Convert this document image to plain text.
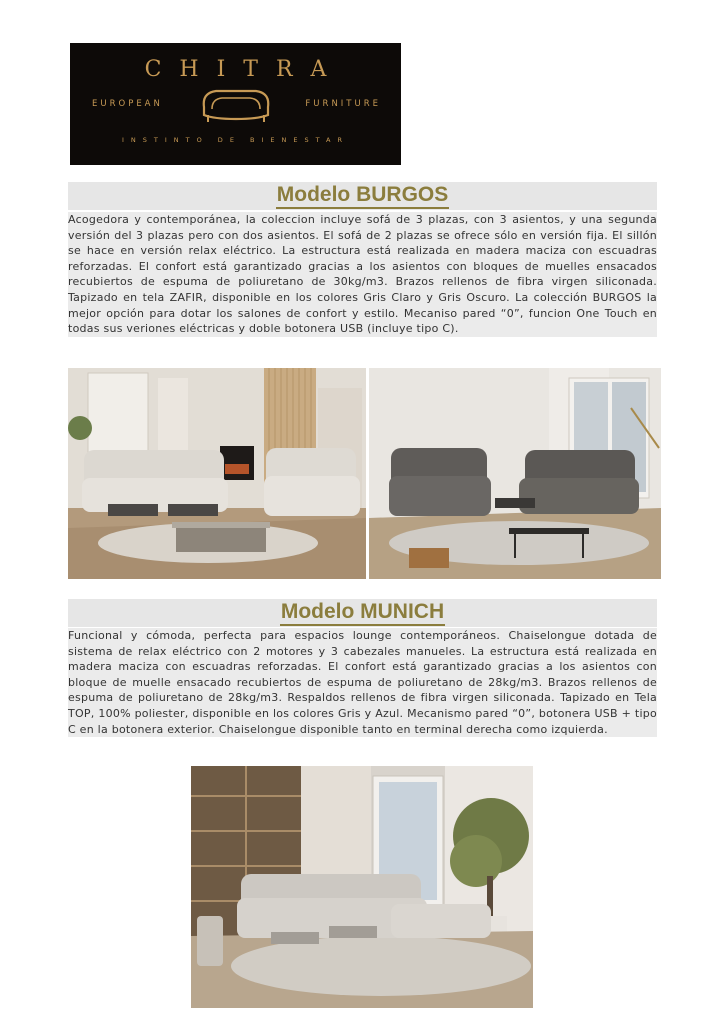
CHITRA
EUROPEAN	FURNITURE
INSTINTO DE BIENESTAR
Modelo BURGOS
Acogedora y contemporánea, la coleccion incluye sofá de 3 plazas, con 3 asientos, y una segunda versión del 3 plazas pero con dos asientos. El sofá de 2 plazas se ofrece sólo en versión fija. El sillón se hace en versión relax eléctrico. La estructura está realizada en madera maciza con escuadras reforzadas. El confort está garantizado gracias a los asientos con bloques de muelles ensacados recubiertos de espuma de poliuretano de 30kg/m3. Brazos rellenos de fibra virgen siliconada. Tapizado en tela ZAFIR, disponible en los colores Gris Claro y Gris Oscuro. La colección BURGOS la mejor opción para dotar los salones de confort y estilo. Mecaniso pared “0”, funcion One Touch en todas sus veriones eléctricas y doble botonera USB (incluye tipo C).
Modelo MUNICH
Funcional y cómoda, perfecta para espacios lounge contemporáneos. Chaiselongue dotada de sistema de relax eléctrico con 2 motores y 3 cabezales manueles. La estructura está realizada en madera maciza con escuadras reforzadas. El confort está garantizado gracias a los asientos con bloque de muelle ensacado recubiertos de espuma de poliuretano de 28kg/m3. Brazos rellenos de espuma de poliuretano de 28kg/m3. Respaldos rellenos de fibra virgen siliconada. Tapizado en Tela TOP, 100% poliester, disponible en los colores Gris y Azul. Mecanismo pared “0”, botonera USB + tipo C en la botonera exterior. Chaiselongue disponible tanto en terminal derecha como izquierda.
